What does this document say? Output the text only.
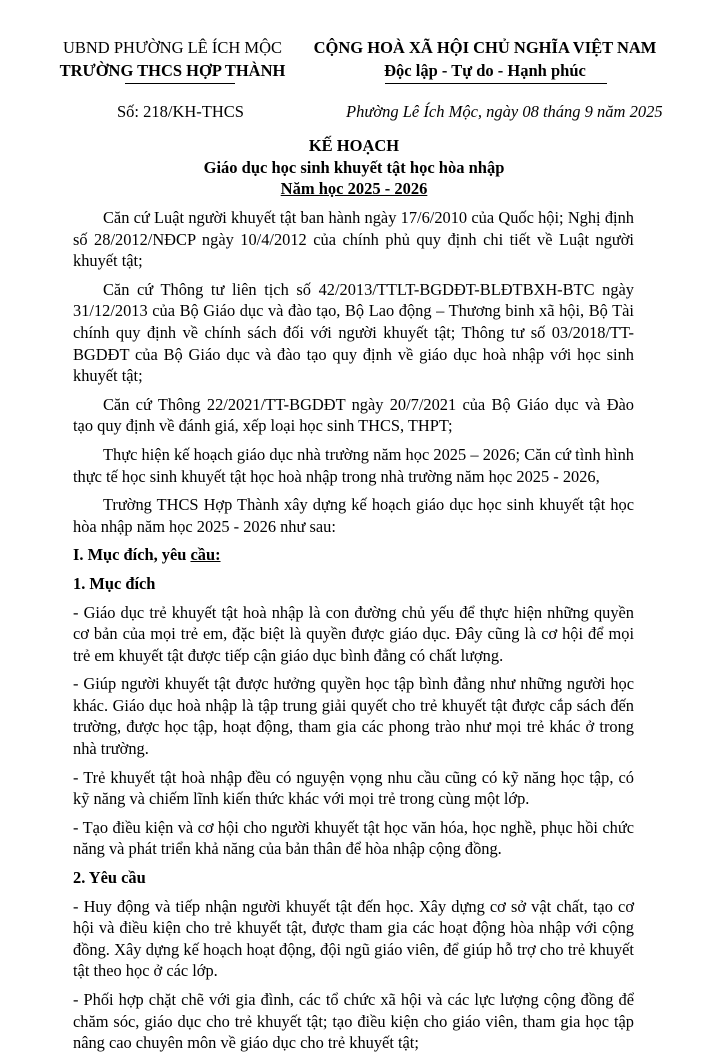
UBND PHƯỜNG LÊ ÍCH MỘC
TRƯỜNG THCS HỢP THÀNH
CỘNG HOÀ XÃ HỘI CHỦ NGHĨA VIỆT NAM
Độc lập - Tự do - Hạnh phúc
Số: 218/KH-THCS	Phường Lê Ích Mộc, ngày 08 tháng 9 năm 2025
KẾ HOẠCH
Giáo dục học sinh khuyết tật học hòa nhập
Năm học 2025 - 2026

Căn cứ Luật người khuyết tật ban hành ngày 17/6/2010 của Quốc hội; Nghị định số 28/2012/NĐCP ngày 10/4/2012 của chính phủ quy định chi tiết về Luật người khuyết tật;

Căn cứ Thông tư liên tịch số 42/2013/TTLT-BGDĐT-BLĐTBXH-BTC ngày 31/12/2013 của Bộ Giáo dục và đào tạo, Bộ Lao động – Thương binh xã hội, Bộ Tài chính quy định về chính sách đối với người khuyết tật; Thông tư số 03/2018/TT-BGDĐT của Bộ Giáo dục và đào tạo quy định về giáo dục hoà nhập với học sinh khuyết tật;

Căn cứ Thông 22/2021/TT-BGDĐT ngày 20/7/2021 của Bộ Giáo dục và Đào tạo quy định về đánh giá, xếp loại học sinh THCS, THPT;

Thực hiện kế hoạch giáo dục nhà trường năm học 2025 – 2026; Căn cứ tình hình thực tế học sinh khuyết tật học hoà nhập trong nhà trường năm học 2025 - 2026,

Trường THCS Hợp Thành xây dựng kế hoạch giáo dục học sinh khuyết tật học hòa nhập năm học 2025 - 2026 như sau:

I. Mục đích, yêu cầu:
1. Mục đích

- Giáo dục trẻ khuyết tật hoà nhập là con đường chủ yếu để thực hiện những quyền cơ bản của mọi trẻ em, đặc biệt là quyền được giáo dục. Đây cũng là cơ hội để mọi trẻ em khuyết tật được tiếp cận giáo dục bình đẳng có chất lượng.

- Giúp người khuyết tật được hưởng quyền học tập bình đẳng như những người học khác. Giáo dục hoà nhập là tập trung giải quyết cho trẻ khuyết tật được cắp sách đến trường, được học tập, hoạt động, tham gia các phong trào như mọi trẻ khác ở trong nhà trường.

- Trẻ khuyết tật hoà nhập đều có nguyện vọng nhu cầu cũng có kỹ năng học tập, có kỹ năng và chiếm lĩnh kiến thức khác với mọi trẻ trong cùng một lớp.

- Tạo điều kiện và cơ hội cho người khuyết tật học văn hóa, học nghề, phục hồi chức năng và phát triển khả năng của bản thân để hòa nhập cộng đồng.

2. Yêu cầu

- Huy động và tiếp nhận người khuyết tật đến học. Xây dựng cơ sở vật chất, tạo cơ hội và điều kiện cho trẻ khuyết tật, được tham gia các hoạt động hòa nhập với cộng đồng. Xây dựng kế hoạch hoạt động, đội ngũ giáo viên, để giúp hỗ trợ cho trẻ khuyết tật theo học ở các lớp.

- Phối hợp chặt chẽ với gia đình, các tổ chức xã hội và các lực lượng cộng đồng để chăm sóc, giáo dục cho trẻ khuyết tật; tạo điều kiện cho giáo viên, tham gia học tập nâng cao chuyên môn về giáo dục cho trẻ khuyết tật;
